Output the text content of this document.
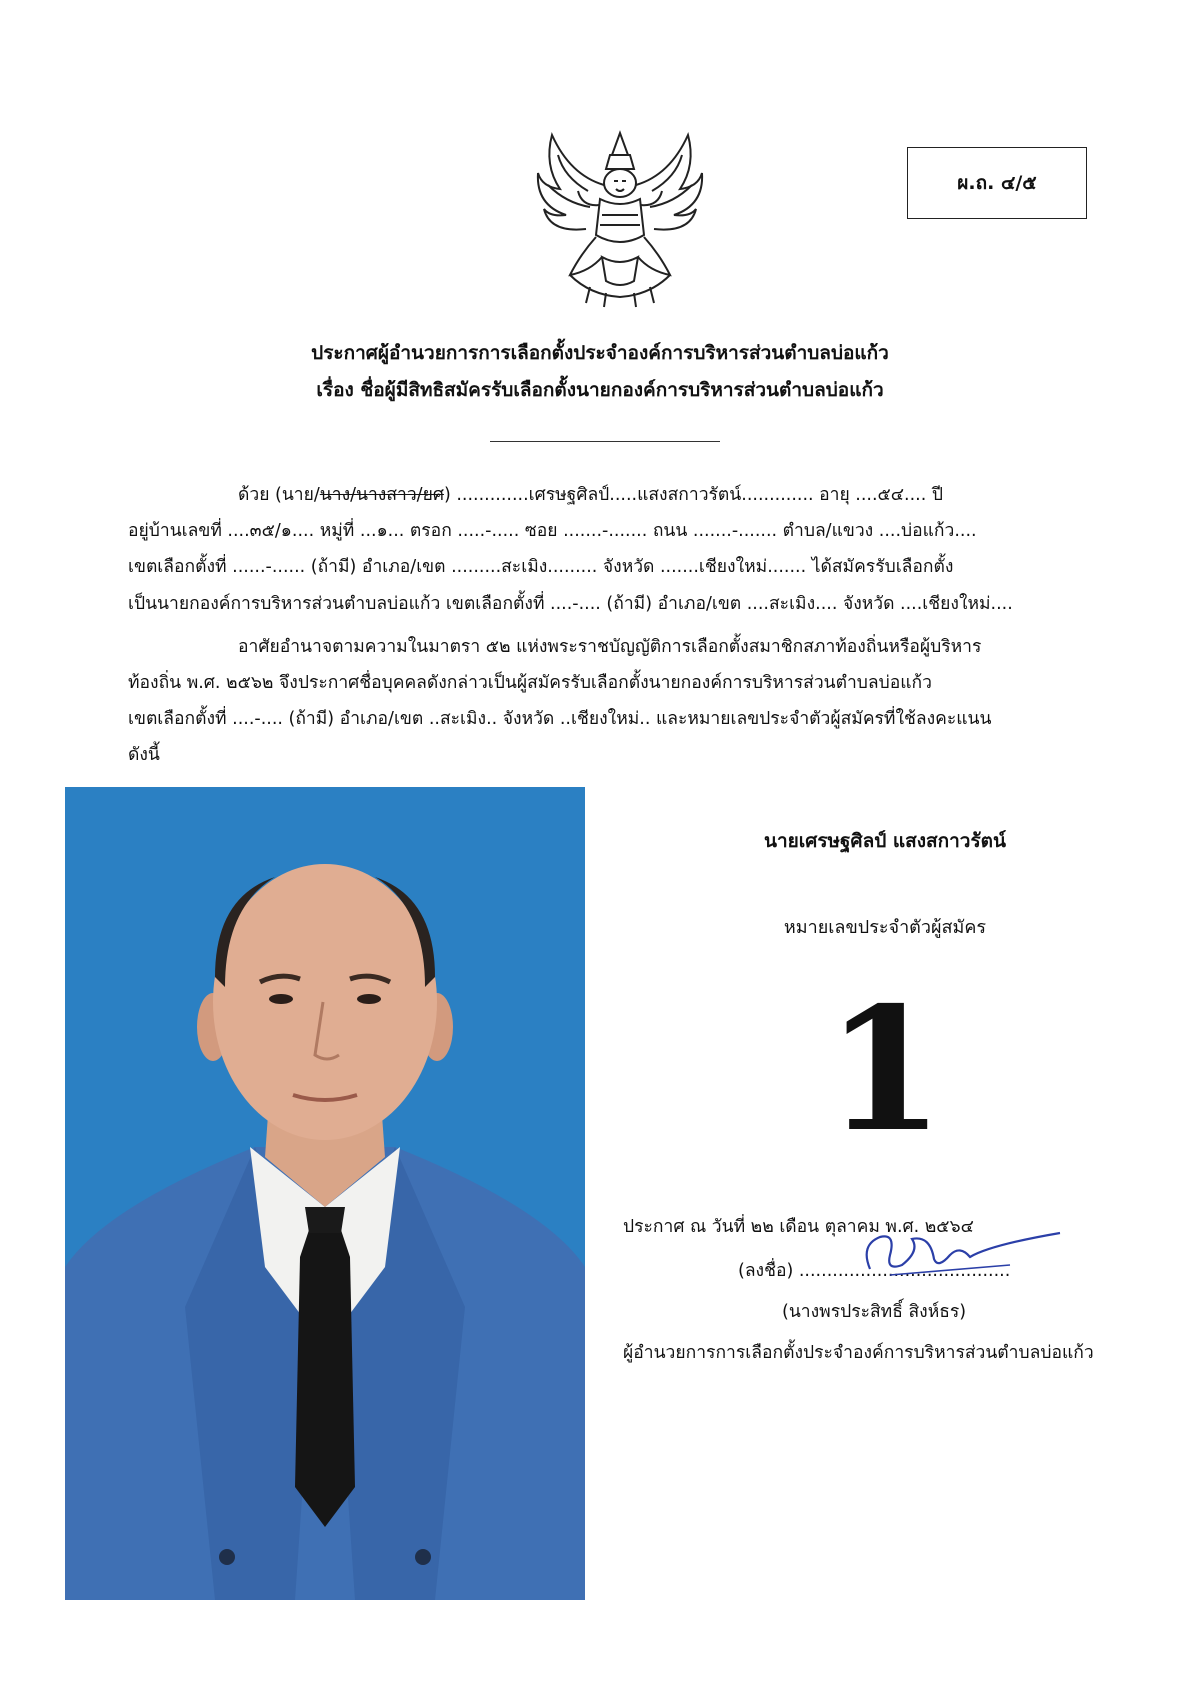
ผ.ถ. ๔/๕
ประกาศผู้อำนวยการการเลือกตั้งประจำองค์การบริหารส่วนตำบลบ่อแก้ว
เรื่อง ชื่อผู้มีสิทธิสมัครรับเลือกตั้งนายกองค์การบริหารส่วนตำบลบ่อแก้ว
ด้วย (นาย/นาง/นางสาว/ยศ) .............เศรษฐศิลป์.....แสงสกาวรัตน์............. อายุ ....๕๔.... ปี
อยู่บ้านเลขที่ ....๓๕/๑.... หมู่ที่ ...๑... ตรอก .....-..... ซอย .......-....... ถนน .......-....... ตำบล/แขวง ....บ่อแก้ว....
เขตเลือกตั้งที่ ......-...... (ถ้ามี) อำเภอ/เขต .........สะเมิง......... จังหวัด .......เชียงใหม่....... ได้สมัครรับเลือกตั้ง
เป็นนายกองค์การบริหารส่วนตำบลบ่อแก้ว เขตเลือกตั้งที่ ....-.... (ถ้ามี) อำเภอ/เขต ....สะเมิง.... จังหวัด ....เชียงใหม่....
อาศัยอำนาจตามความในมาตรา ๕๒ แห่งพระราชบัญญัติการเลือกตั้งสมาชิกสภาท้องถิ่นหรือผู้บริหาร
ท้องถิ่น พ.ศ. ๒๕๖๒ จึงประกาศชื่อบุคคลดังกล่าวเป็นผู้สมัครรับเลือกตั้งนายกองค์การบริหารส่วนตำบลบ่อแก้ว
เขตเลือกตั้งที่ ....-.... (ถ้ามี) อำเภอ/เขต ..สะเมิง.. จังหวัด ..เชียงใหม่.. และหมายเลขประจำตัวผู้สมัครที่ใช้ลงคะแนน
ดังนี้
นายเศรษฐศิลป์ แสงสกาวรัตน์
หมายเลขประจำตัวผู้สมัคร
1
ประกาศ ณ วันที่ ๒๒ เดือน ตุลาคม พ.ศ. ๒๕๖๔
(ลงชื่อ) ......................................
(นางพรประสิทธิ์ สิงห์ธร)
ผู้อำนวยการการเลือกตั้งประจำองค์การบริหารส่วนตำบลบ่อแก้ว
